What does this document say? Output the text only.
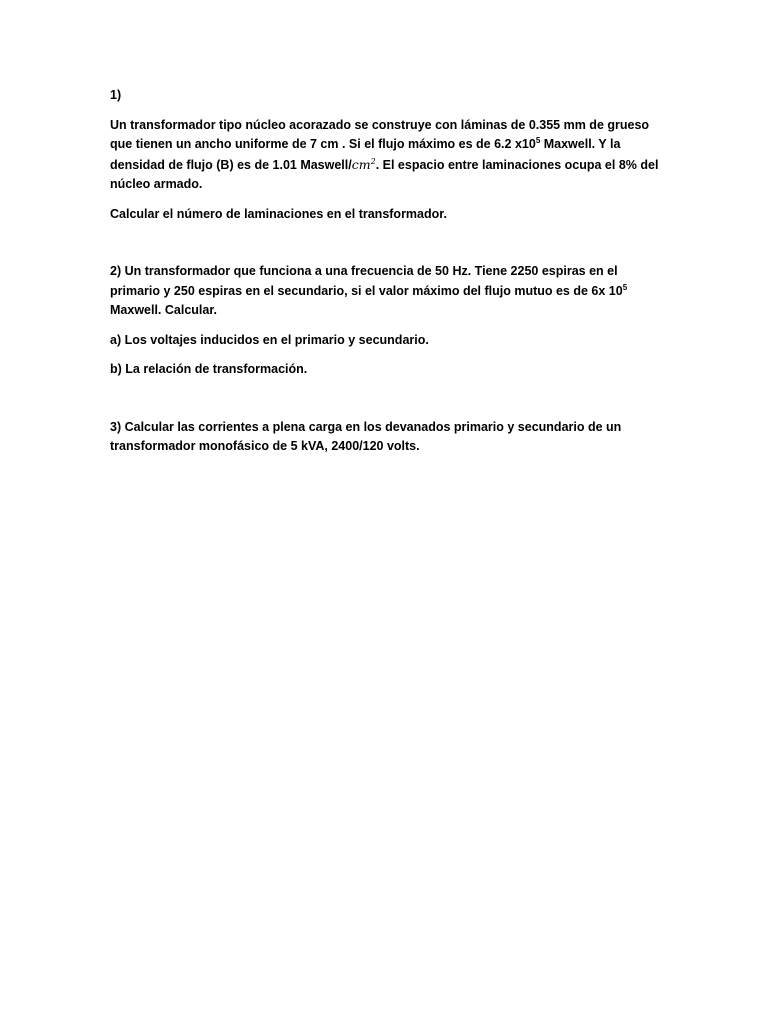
1)

Un transformador tipo núcleo acorazado se construye con láminas de 0.355 mm de grueso

que tienen un ancho uniforme de 7 cm . Si el flujo máximo es de 6.2 $x10^5$ Maxwell. Y la

densidad de flujo (B) es de 1.01 Maswell/$cm^2$. El espacio entre laminaciones ocupa el 8% del

núcleo armado.

Calcular el número de laminaciones en el transformador.

2) Un transformador que funciona a una frecuencia de 50 Hz. Tiene 2250 espiras en el

primario y 250 espiras en el secundario, si el valor máximo del flujo mutuo es de 6x $10^5$

Maxwell. Calcular.

a) Los voltajes inducidos en el primario y secundario.

b) La relación de transformación.

3) Calcular las corrientes a plena carga en los devanados primario y secundario de un

transformador monofásico de 5 kVA, 2400/120 volts.
